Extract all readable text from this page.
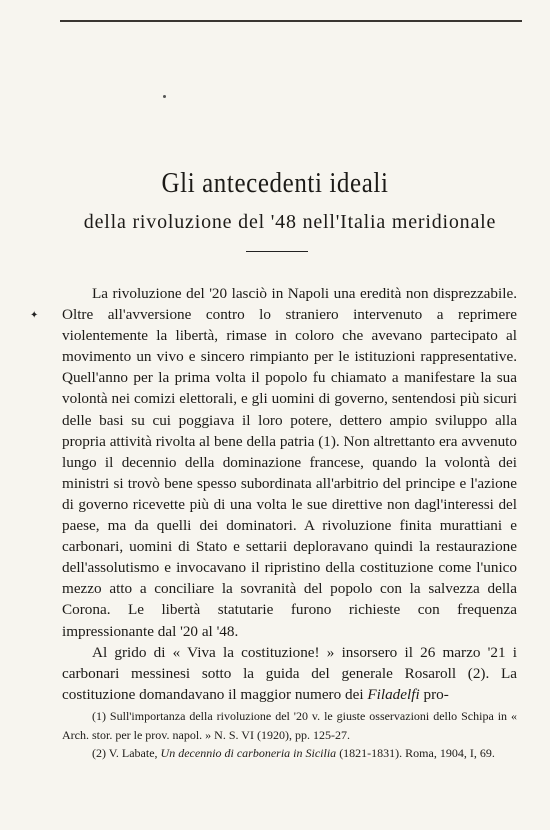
✦
Gli antecedenti ideali
della rivoluzione del '48 nell'Italia meridionale

La rivoluzione del '20 lasciò in Napoli una eredità non disprezzabile. Oltre all'avversione contro lo straniero intervenuto a reprimere violentemente la libertà, rimase in coloro che avevano partecipato al movimento un vivo e sincero rimpianto per le istituzioni rappresentative. Quell'anno per la prima volta il popolo fu chiamato a manifestare la sua volontà nei comizi elettorali, e gli uomini di governo, sentendosi più sicuri delle basi su cui poggiava il loro potere, dettero ampio sviluppo alla propria attività rivolta al bene della patria (1). Non altrettanto era avvenuto lungo il decennio della dominazione francese, quando la volontà dei ministri si trovò bene spesso subordinata all'arbitrio del principe e l'azione di governo ricevette più di una volta le sue direttive non dagl'interessi del paese, ma da quelli dei dominatori. A rivoluzione finita murattiani e carbonari, uomini di Stato e settarii deploravano quindi la restaurazione dell'assolutismo e invocavano il ripristino della costituzione come l'unico mezzo atto a conciliare la sovranità del popolo con la salvezza della Corona. Le libertà statutarie furono richieste con frequenza impressionante dal '20 al '48.

Al grido di « Viva la costituzione! » insorsero il 26 marzo '21 i carbonari messinesi sotto la guida del generale Rosaroll (2). La costituzione domandavano il maggior numero dei Filadelfi pro-

(1) Sull'importanza della rivoluzione del '20 v. le giuste osservazioni dello Schipa in « Arch. stor. per le prov. napol. » N. S. VI (1920), pp. 125-27.

(2) V. Labate, Un decennio di carboneria in Sicilia (1821-1831). Roma, 1904, I, 69.
